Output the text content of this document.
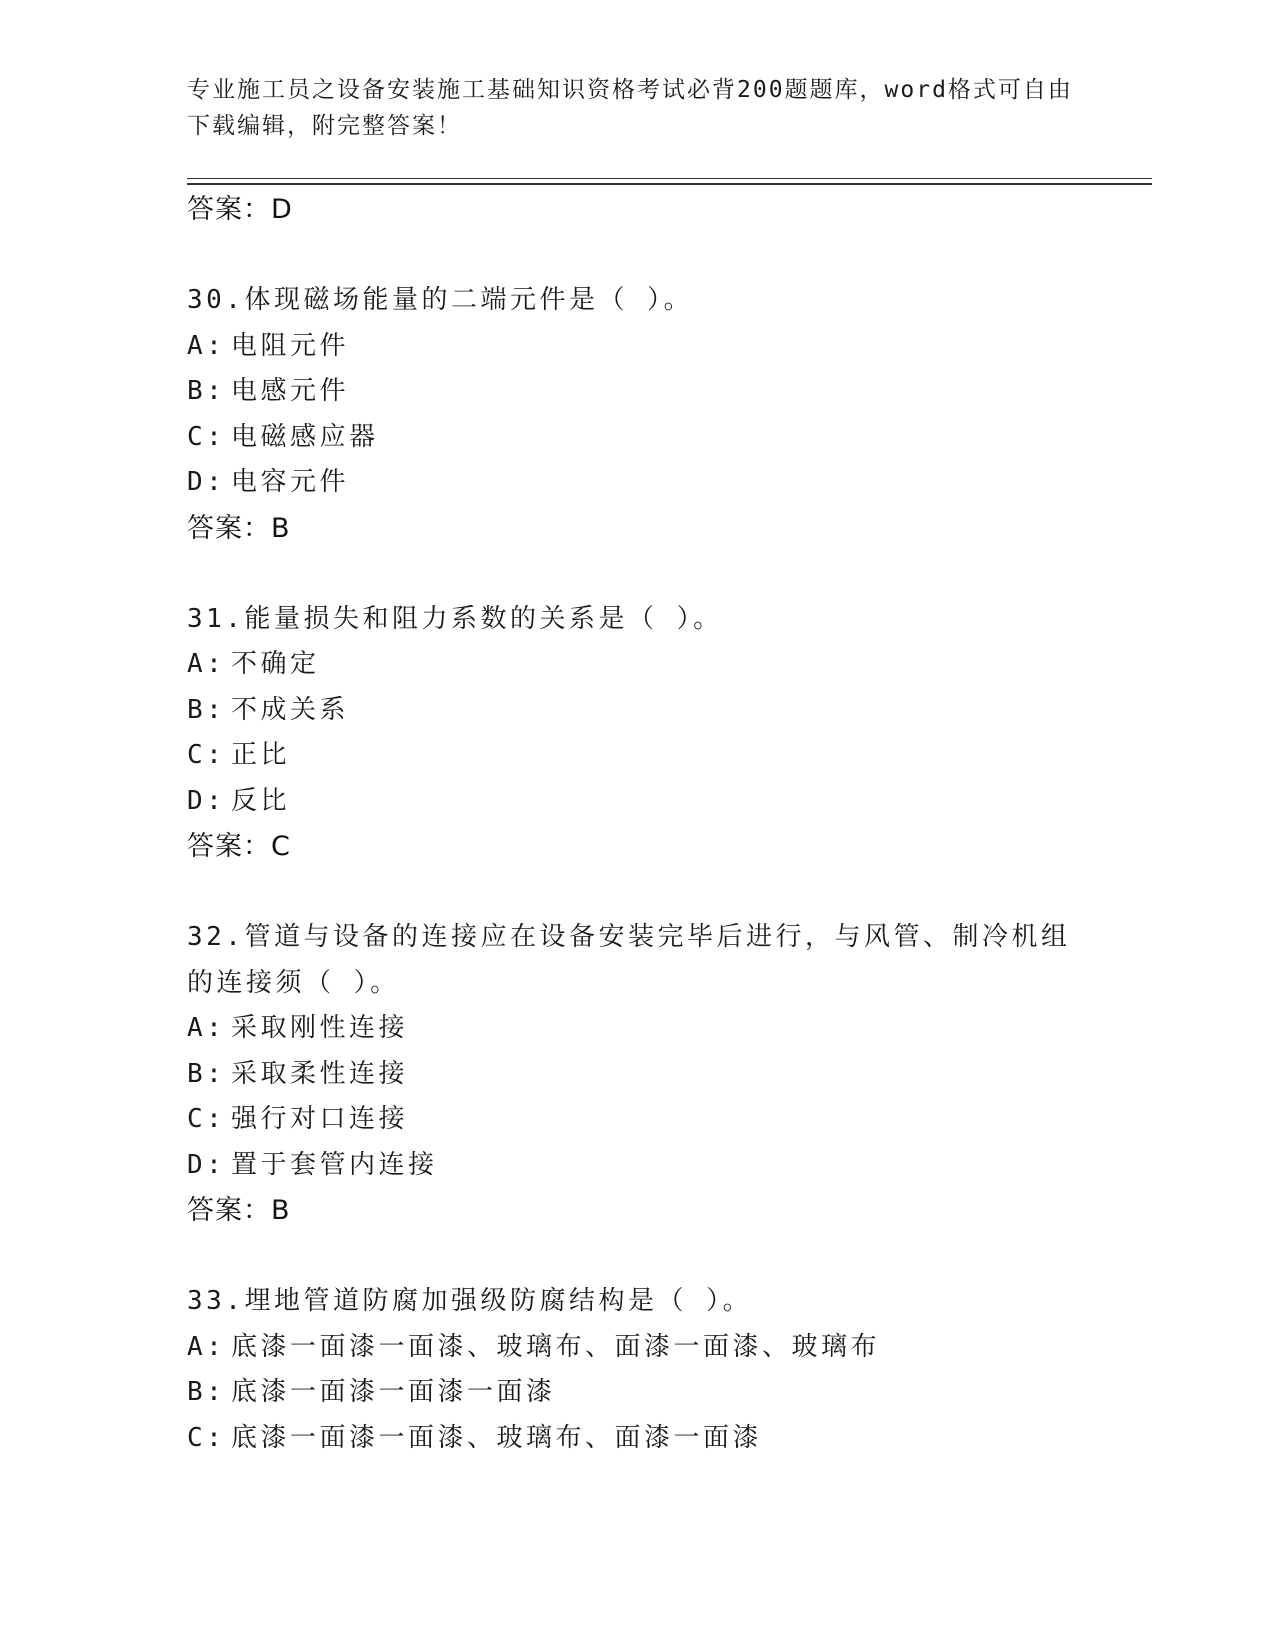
专业施工员之设备安装施工基础知识资格考试必背200题题库，word格式可自由下载编辑，附完整答案！
答案：D
30.体现磁场能量的二端元件是（ ）。
A: 电阻元件
B: 电感元件
C: 电磁感应器
D: 电容元件
答案：B
31.能量损失和阻力系数的关系是（ ）。
A: 不确定
B: 不成关系
C: 正比
D: 反比
答案：C
32.管道与设备的连接应在设备安装完毕后进行，与风管、制冷机组的连接须（ ）。
A: 采取刚性连接
B: 采取柔性连接
C: 强行对口连接
D: 置于套管内连接
答案：B
33.埋地管道防腐加强级防腐结构是（ ）。
A: 底漆一面漆一面漆、玻璃布、面漆一面漆、玻璃布
B: 底漆一面漆一面漆一面漆
C: 底漆一面漆一面漆、玻璃布、面漆一面漆
